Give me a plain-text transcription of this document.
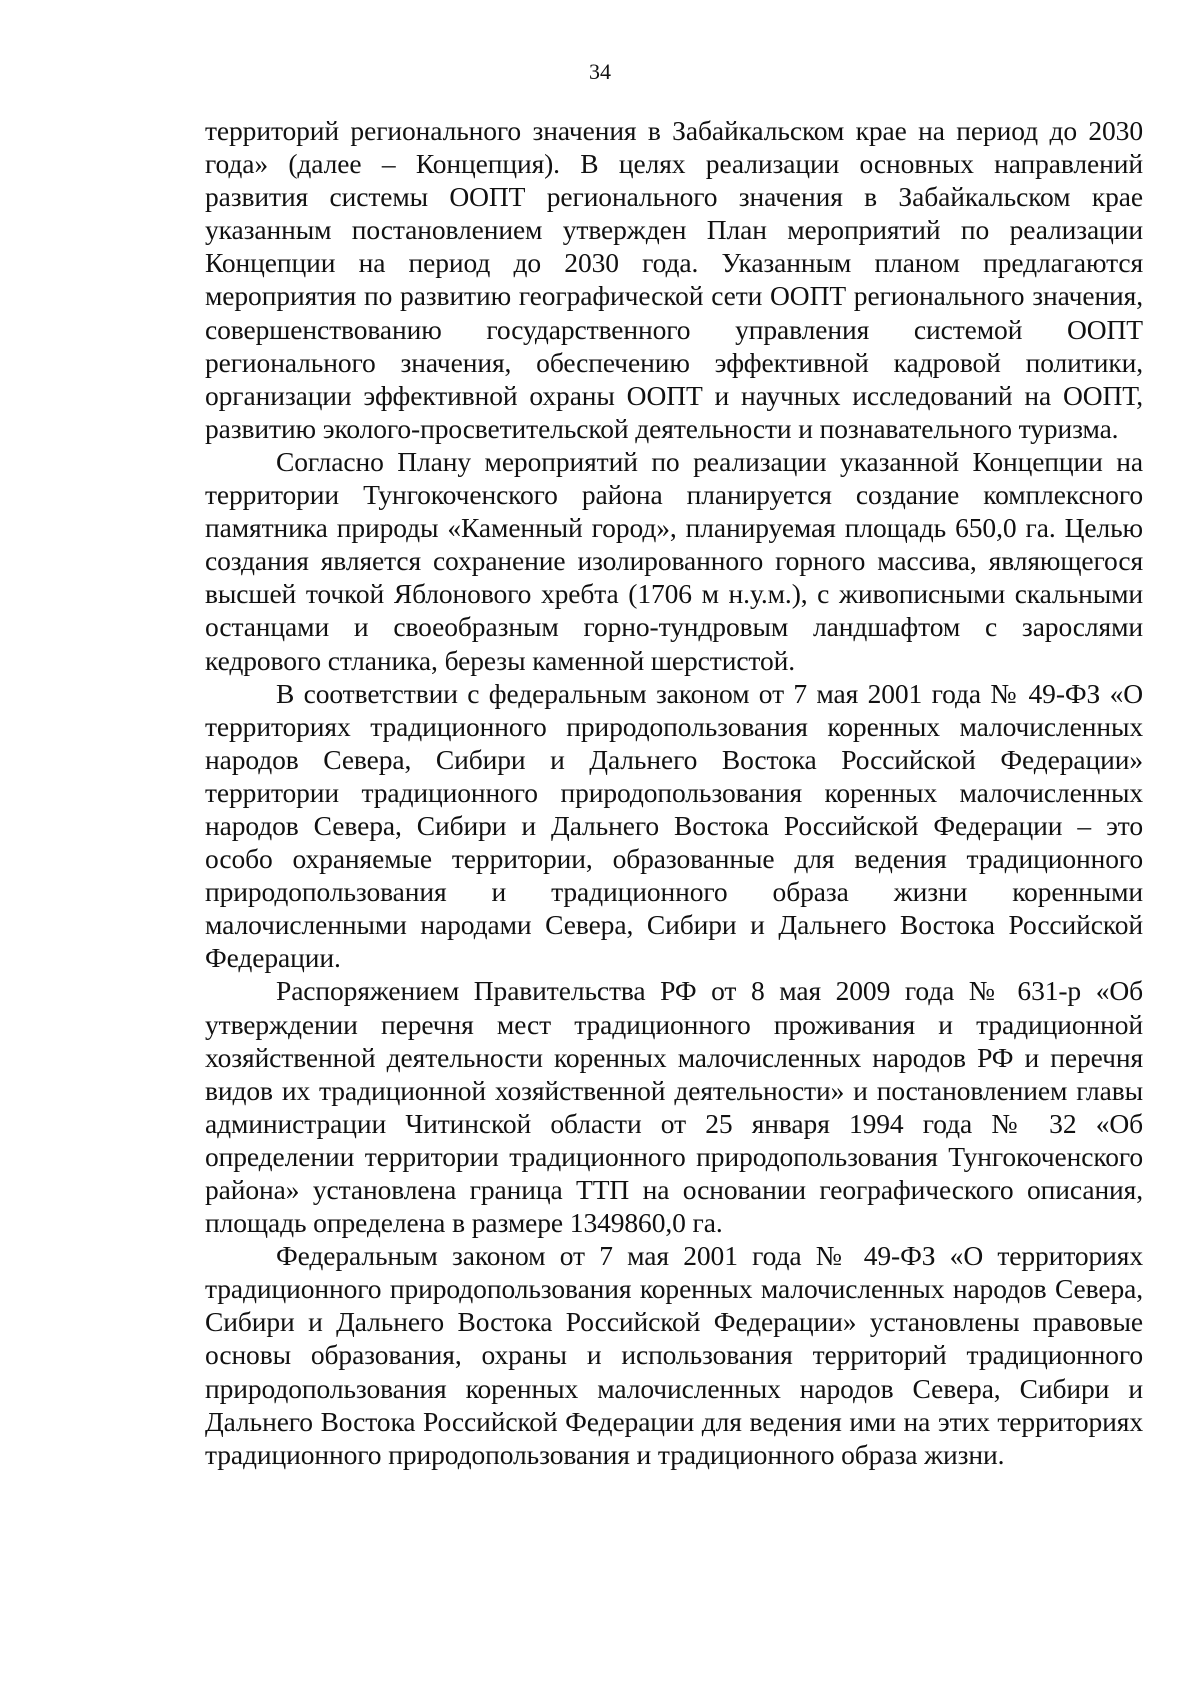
34

территорий регионального значения в Забайкальском крае на период до 2030 года» (далее – Концепция). В целях реализации основных направлений развития системы ООПТ регионального значения в Забайкальском крае указанным постановлением утвержден План мероприятий по реализации Концепции на период до 2030 года. Указанным планом предлагаются мероприятия по развитию географической сети ООПТ регионального значения, совершенствованию государственного управления системой ООПТ регионального значения, обеспечению эффективной кадровой политики, организации эффективной охраны ООПТ и научных исследований на ООПТ, развитию эколого-просветительской деятельности и познавательного туризма.

Согласно Плану мероприятий по реализации указанной Концепции на территории Тунгокоченского района планируется создание комплексного памятника природы «Каменный город», планируемая площадь 650,0 га. Целью создания является сохранение изолированного горного массива, являющегося высшей точкой Яблонового хребта (1706 м н.у.м.), с живописными скальными останцами и своеобразным горно-тундровым ландшафтом с зарослями кедрового стланика, березы каменной шерстистой.

В соответствии с федеральным законом от 7 мая 2001 года № 49-ФЗ «О территориях традиционного природопользования коренных малочисленных народов Севера, Сибири и Дальнего Востока Российской Федерации» территории традиционного природопользования коренных малочисленных народов Севера, Сибири и Дальнего Востока Российской Федерации – это особо охраняемые территории, образованные для ведения традиционного природопользования и традиционного образа жизни коренными малочисленными народами Севера, Сибири и Дальнего Востока Российской Федерации.

Распоряжением Правительства РФ от 8 мая 2009 года № 631-р «Об утверждении перечня мест традиционного проживания и традиционной хозяйственной деятельности коренных малочисленных народов РФ и перечня видов их традиционной хозяйственной деятельности» и постановлением главы администрации Читинской области от 25 января 1994 года № 32 «Об определении территории традиционного природопользования Тунгокоченского района» установлена граница ТТП на основании географического описания, площадь определена в размере 1349860,0 га.

Федеральным законом от 7 мая 2001 года № 49-ФЗ «О территориях традиционного природопользования коренных малочисленных народов Севера, Сибири и Дальнего Востока Российской Федерации» установлены правовые основы образования, охраны и использования территорий традиционного природопользования коренных малочисленных народов Севера, Сибири и Дальнего Востока Российской Федерации для ведения ими на этих территориях традиционного природопользования и традиционного образа жизни.
